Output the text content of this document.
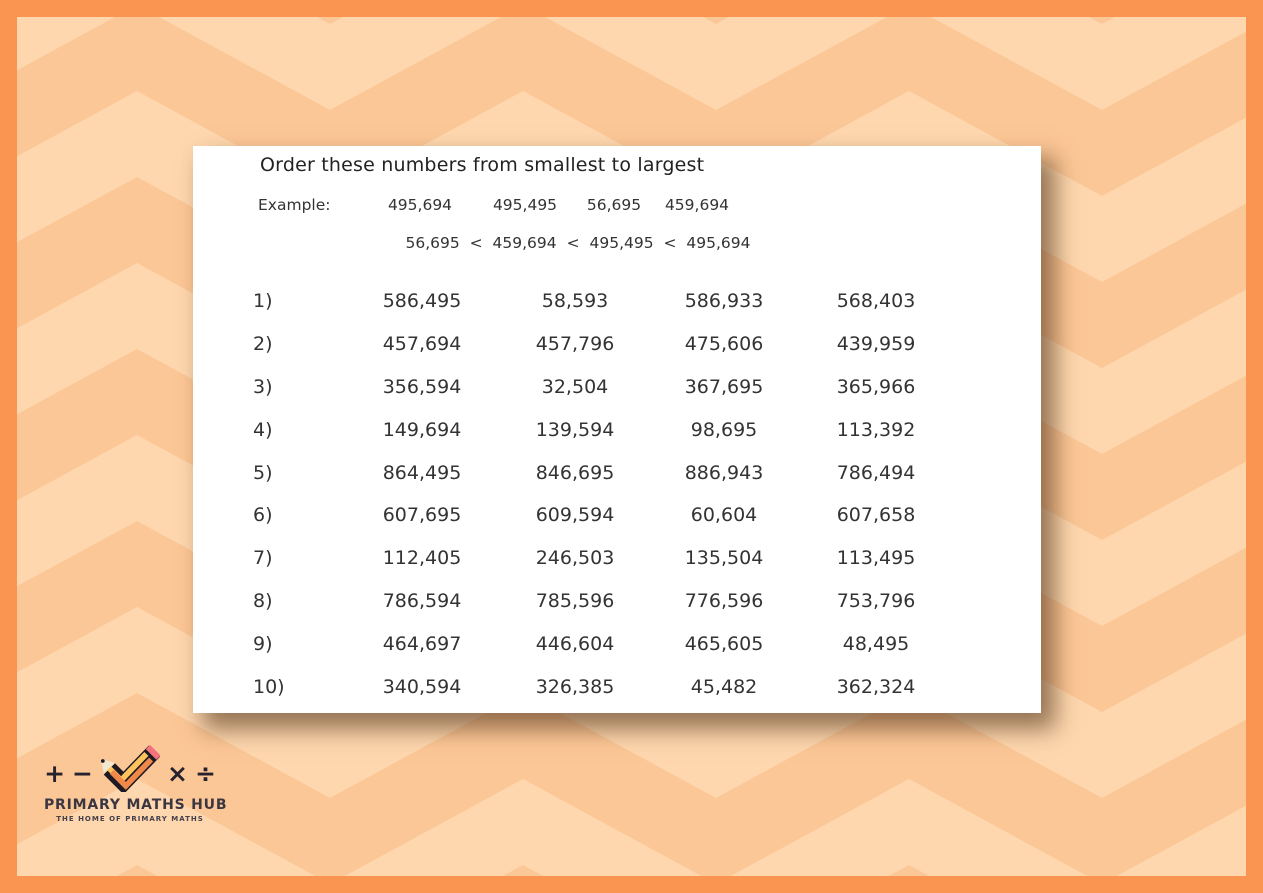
Order these numbers from smallest to largest
Example:	495,694	495,495 56,695 459,694
56,695 < 459,694 < 495,495 < 495,694
1)	586,495	58,593	586,933	568,403
2)	457,694	457,796	475,606	439,959
3)	356,594	32,504	367,695	365,966
4)	149,694	139,594	98,695	113,392
5)	864,495	846,695	886,943	786,494
6)	607,695	609,594	60,604	607,658
7)	112,405	246,503	135,504	113,495
8)	786,594	785,596	776,596	753,796
9)	464,697	446,604	465,605	48,495
10)	340,594	326,385	45,482	362,324
+ −	× ÷
PRIMARY MATHS HUB
THE HOME OF PRIMARY MATHS
